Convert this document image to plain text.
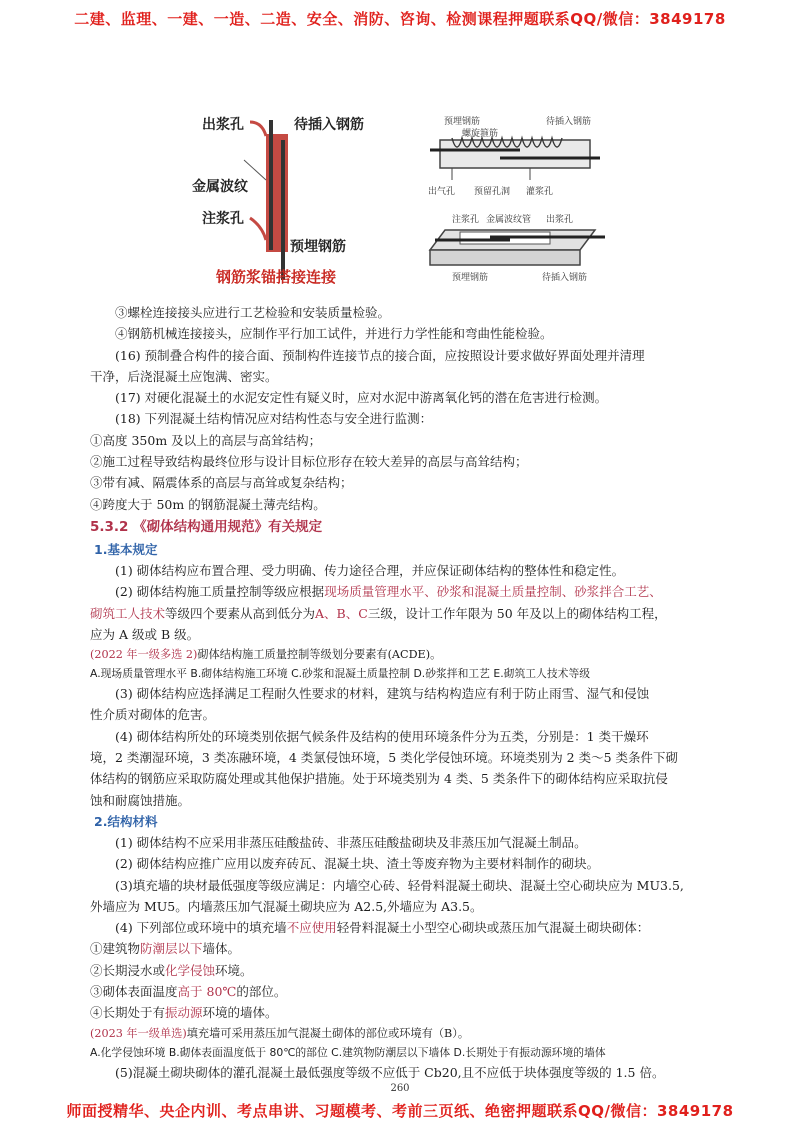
二建、监理、一建、一造、二造、安全、消防、咨询、检测课程押题联系QQ/微信：3849178
出浆孔	待插入钢筋
金属波纹
注浆孔
预埋钢筋
钢筋浆锚搭接连接
预埋钢筋
螺旋箍筋
待插入钢筋
出气孔 预留孔洞 灌浆孔
注浆孔 金属波纹管 出浆孔
预埋钢筋	待插入钢筋
③螺栓连接接头应进行工艺检验和安装质量检验。
④钢筋机械连接接头，应制作平行加工试件，并进行力学性能和弯曲性能检验。
(16) 预制叠合构件的接合面、预制构件连接节点的接合面，应按照设计要求做好界面处理并清理
干净，后浇混凝土应饱满、密实。
(17) 对硬化混凝土的水泥安定性有疑义时，应对水泥中游离氧化钙的潜在危害进行检测。
(18) 下列混凝土结构情况应对结构性态与安全进行监测：
①高度 350m 及以上的高层与高耸结构；
②施工过程导致结构最终位形与设计目标位形存在较大差异的高层与高耸结构；
③带有减、隔震体系的高层与高耸或复杂结构；
④跨度大于 50m 的钢筋混凝土薄壳结构。
5.3.2 《砌体结构通用规范》有关规定
1.基本规定
(1) 砌体结构应布置合理、受力明确、传力途径合理，并应保证砌体结构的整体性和稳定性。
(2) 砌体结构施工质量控制等级应根据现场质量管理水平、砂浆和混凝土质量控制、砂浆拌合工艺、
砌筑工人技术等级四个要素从高到低分为A、B、C三级，设计工作年限为 50 年及以上的砌体结构工程，
应为 A 级或 B 级。
(2022 年一级多选 2)砌体结构施工质量控制等级划分要素有(ACDE)。
A.现场质量管理水平 B.砌体结构施工环境 C.砂浆和混凝土质量控制 D.砂浆拌和工艺 E.砌筑工人技术等级
(3) 砌体结构应选择满足工程耐久性要求的材料，建筑与结构构造应有利于防止雨雪、湿气和侵蚀
性介质对砌体的危害。
(4) 砌体结构所处的环境类别依据气候条件及结构的使用环境条件分为五类，分别是：1 类干燥环
境，2 类潮湿环境，3 类冻融环境，4 类氯侵蚀环境，5 类化学侵蚀环境。环境类别为 2 类～5 类条件下砌
体结构的钢筋应采取防腐处理或其他保护措施。处于环境类别为 4 类、5 类条件下的砌体结构应采取抗侵
蚀和耐腐蚀措施。
2.结构材料
(1) 砌体结构不应采用非蒸压硅酸盐砖、非蒸压硅酸盐砌块及非蒸压加气混凝土制品。
(2) 砌体结构应推广应用以废弃砖瓦、混凝土块、渣土等废弃物为主要材料制作的砌块。
(3)填充墙的块材最低强度等级应满足：内墙空心砖、轻骨料混凝土砌块、混凝土空心砌块应为 MU3.5,
外墙应为 MU5。内墙蒸压加气混凝土砌块应为 A2.5,外墙应为 A3.5。
(4) 下列部位或环境中的填充墙不应使用轻骨料混凝土小型空心砌块或蒸压加气混凝土砌块砌体：
①建筑物防潮层以下墙体。
②长期浸水或化学侵蚀环境。
③砌体表面温度高于 80℃的部位。
④长期处于有振动源环境的墙体。
(2023 年一级单选)填充墙可采用蒸压加气混凝土砌体的部位或环境有（B）。
A.化学侵蚀环境 B.砌体表面温度低于 80℃的部位 C.建筑物防潮层以下墙体 D.长期处于有振动源环境的墙体
(5)混凝土砌块砌体的灌孔混凝土最低强度等级不应低于 Cb20,且不应低于块体强度等级的 1.5 倍。
260
师面授精华、央企内训、考点串讲、习题模考、考前三页纸、绝密押题联系QQ/微信：3849178
